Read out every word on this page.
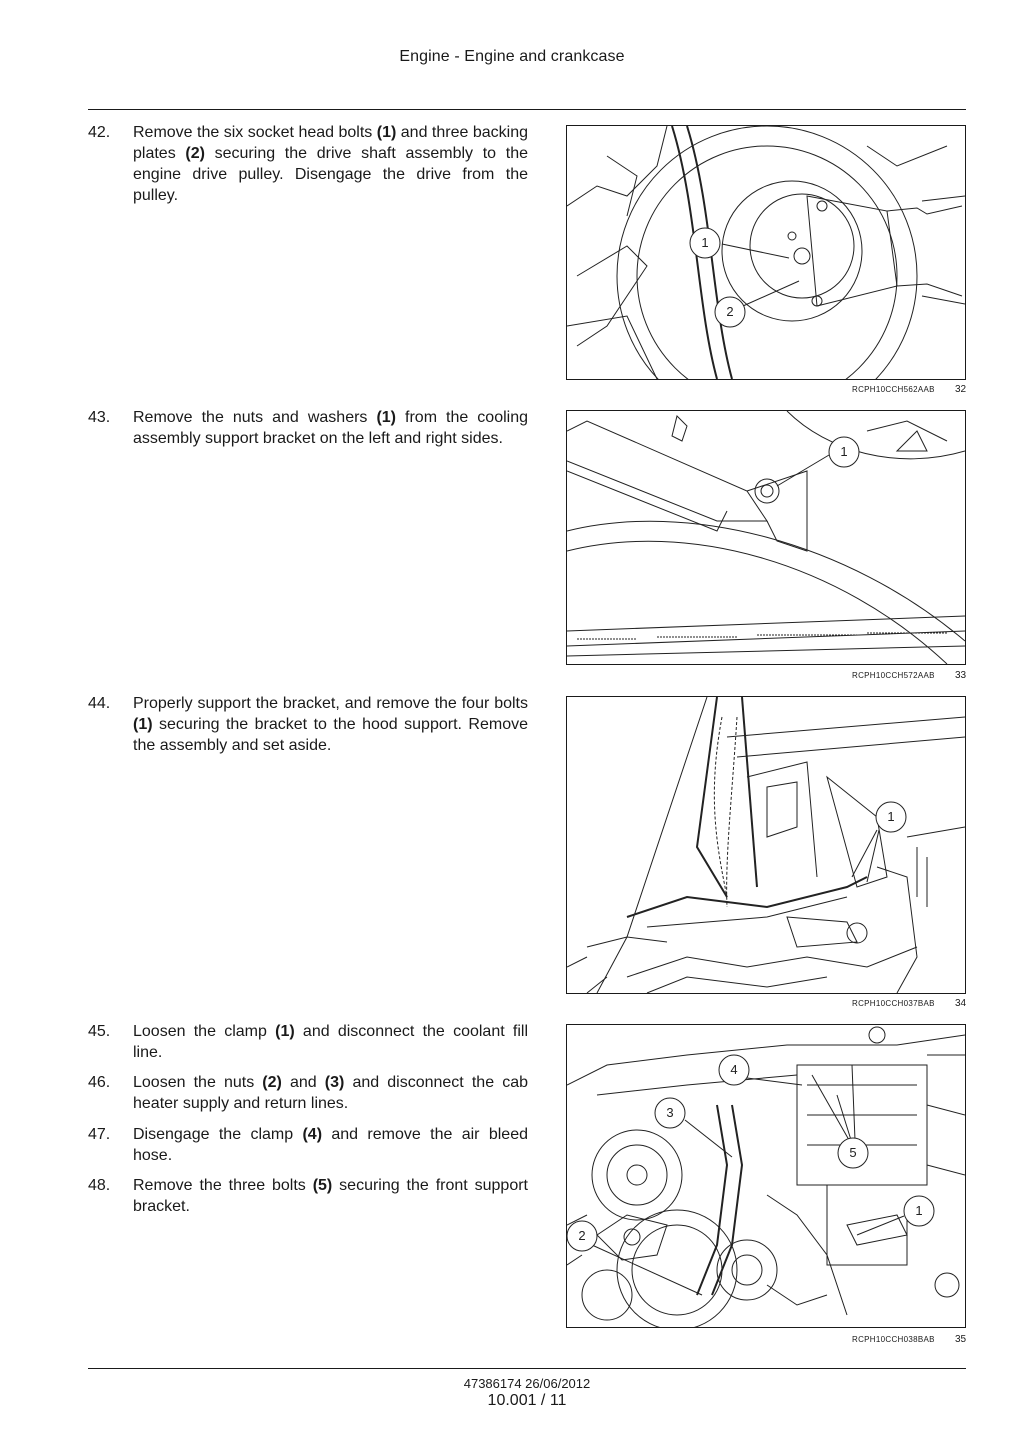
Engine - Engine and crankcase
42. Remove the six socket head bolts (1) and three backing plates (2) securing the drive shaft assembly to the engine drive pulley. Disengage the drive from the pulley.
1
2
RCPH10CCH562AAB 32
43. Remove the nuts and washers (1) from the cooling assembly support bracket on the left and right sides.
1
RCPH10CCH572AAB 33
44. Properly support the bracket, and remove the four bolts (1) securing the bracket to the hood support. Remove the assembly and set aside.
1
RCPH10CCH037BAB 34
45. Loosen the clamp (1) and disconnect the coolant fill line.
46. Loosen the nuts (2) and (3) and disconnect the cab heater supply and return lines.
47. Disengage the clamp (4) and remove the air bleed hose.
48. Remove the three bolts (5) securing the front support bracket.
4
3
5
1
2
RCPH10CCH038BAB 35
47386174 26/06/2012
10.001 / 11
